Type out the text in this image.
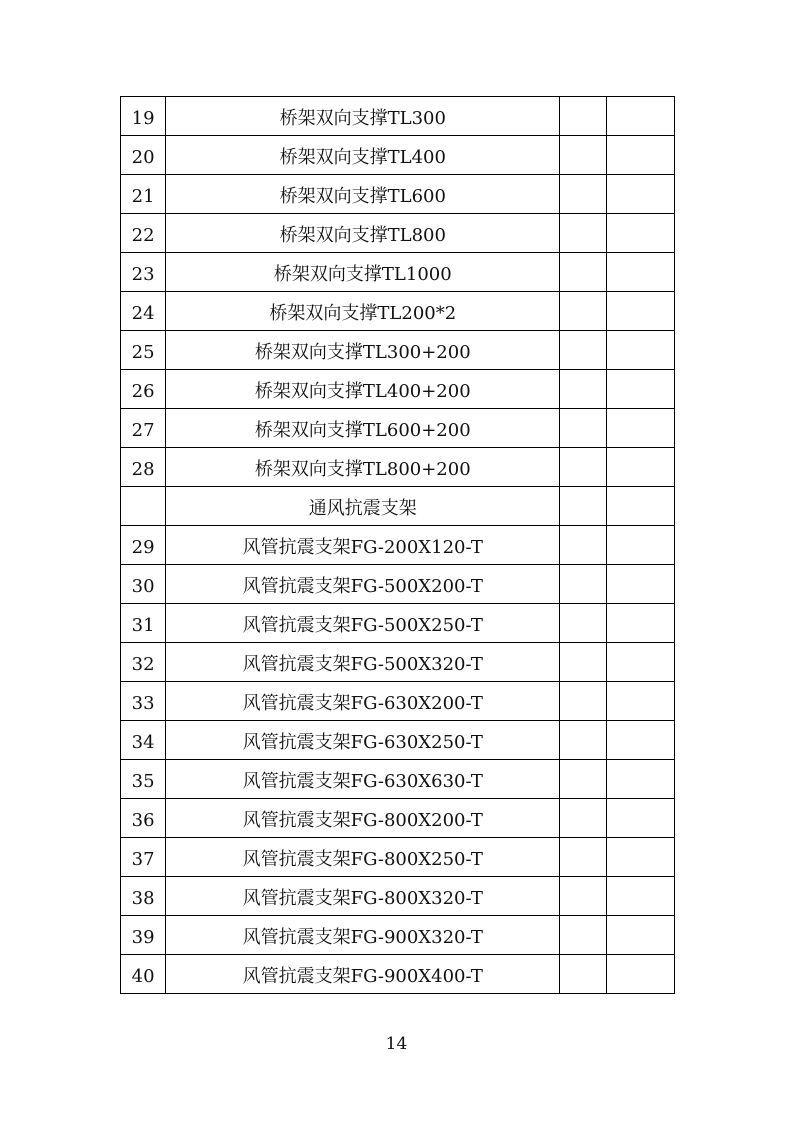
19	桥架双向支撑TL300		
20	桥架双向支撑TL400		
21	桥架双向支撑TL600		
22	桥架双向支撑TL800		
23	桥架双向支撑TL1000		
24	桥架双向支撑TL200*2		
25	桥架双向支撑TL300+200		
26	桥架双向支撑TL400+200		
27	桥架双向支撑TL600+200		
28	桥架双向支撑TL800+200		
	通风抗震支架		
29	风管抗震支架FG-200X120-T		
30	风管抗震支架FG-500X200-T		
31	风管抗震支架FG-500X250-T		
32	风管抗震支架FG-500X320-T		
33	风管抗震支架FG-630X200-T		
34	风管抗震支架FG-630X250-T		
35	风管抗震支架FG-630X630-T		
36	风管抗震支架FG-800X200-T		
37	风管抗震支架FG-800X250-T		
38	风管抗震支架FG-800X320-T		
39	风管抗震支架FG-900X320-T		
40	风管抗震支架FG-900X400-T		
14
